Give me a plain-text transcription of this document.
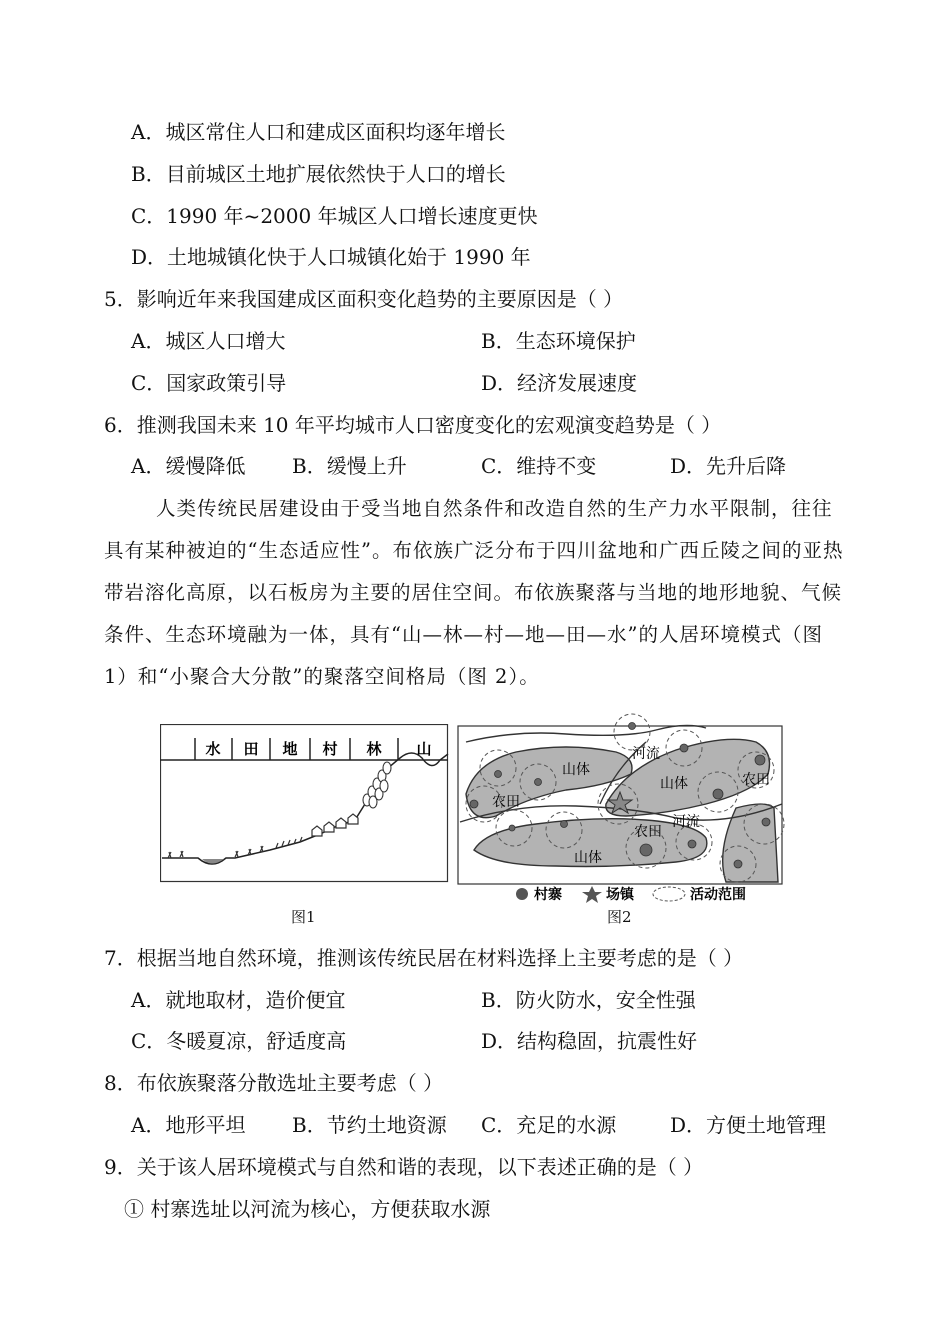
A．城区常住人口和建成区面积均逐年增长
B．目前城区土地扩展依然快于人口的增长
C．1990 年~2000 年城区人口增长速度更快
D．土地城镇化快于人口城镇化始于 1990 年
5．影响近年来我国建成区面积变化趋势的主要原因是（ ）
A．城区人口增大	B．生态环境保护
C．国家政策引导	D．经济发展速度
6．推测我国未来 10 年平均城市人口密度变化的宏观演变趋势是（ ）
A．缓慢降低 B．缓慢上升	C．维持不变	D．先升后降

人类传统民居建设由于受当地自然条件和改造自然的生产力水平限制，往往具有某种被迫的“生态适应性”。布依族广泛分布于四川盆地和广西丘陵之间的亚热带岩溶化高原，以石板房为主要的居住空间。布依族聚落与当地的地形地貌、气候条件、生态环境融为一体，具有“山—林—村—地—田—水”的人居环境模式（图 1）和“小聚合大分散”的聚落空间格局（图 2）。

水 田 地 村 林 山
图1
河流
河流
山体
山体
山体
农田
农田
农田
村寨	场镇	活动范围
图2
7．根据当地自然环境，推测该传统民居在材料选择上主要考虑的是（ ）
A．就地取材，造价便宜	B．防火防水，安全性强
C．冬暖夏凉，舒适度高	D．结构稳固，抗震性好
8．布依族聚落分散选址主要考虑（ ）
A．地形平坦 B．节约土地资源 C．充足的水源	D．方便土地管理
9．关于该人居环境模式与自然和谐的表现，以下表述正确的是（ ）
① 村寨选址以河流为核心，方便获取水源
